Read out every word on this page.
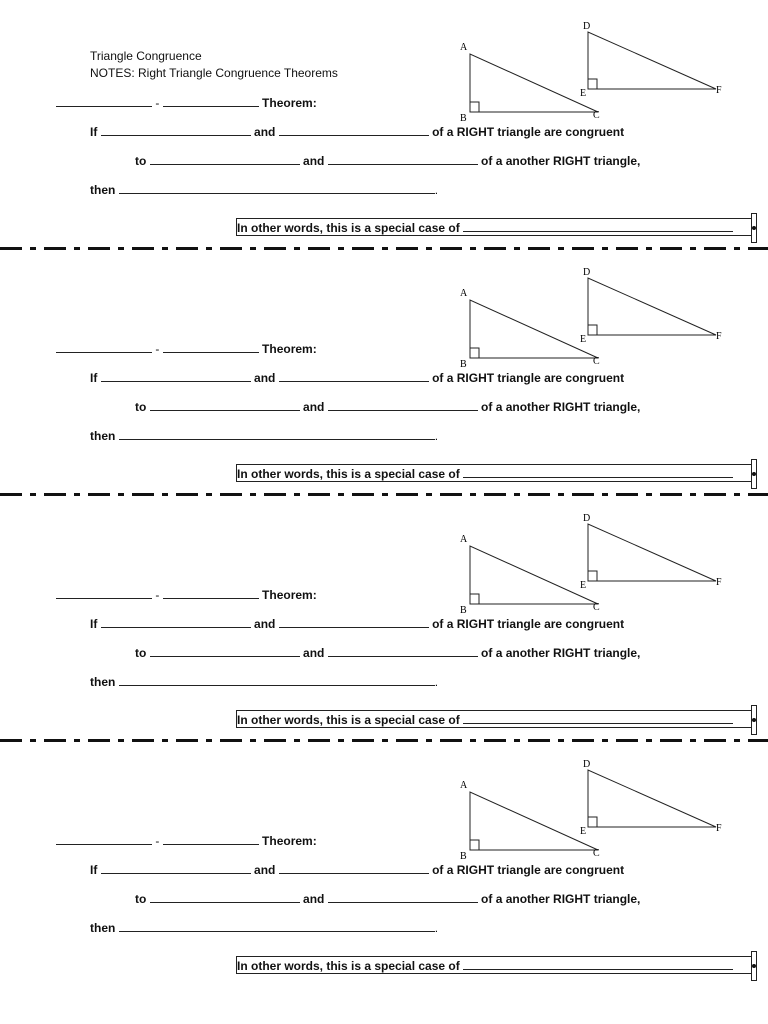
Triangle Congruence
NOTES: Right Triangle Congruence Theorems
A
B	C
D
E	F
-	Theorem:
If	and	of a RIGHT triangle are congruent
to	and	of a another RIGHT triangle,
then	.
In other words, this is a special case of
A
B	C
D
E	F
-	Theorem:
If	and	of a RIGHT triangle are congruent
to	and	of a another RIGHT triangle,
then	.
In other words, this is a special case of
A
B	C
D
E	F
-	Theorem:
If	and	of a RIGHT triangle are congruent
to	and	of a another RIGHT triangle,
then	.
In other words, this is a special case of
A
B	C
D
E	F
-	Theorem:
If	and	of a RIGHT triangle are congruent
to	and	of a another RIGHT triangle,
then	.
In other words, this is a special case of
